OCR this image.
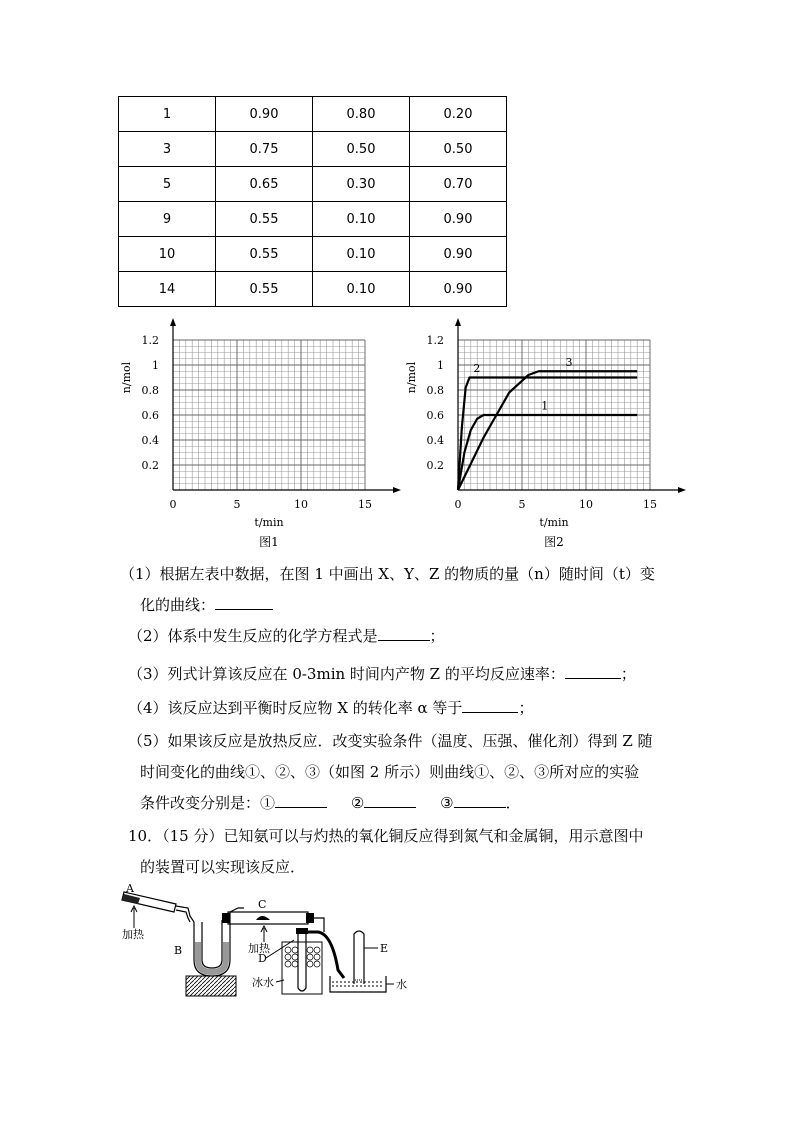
1	0.90	0.80	0.20
3	0.75	0.50	0.50
5	0.65	0.30	0.70
9	0.55	0.10	0.90
10	0.55	0.10	0.90
14	0.55	0.10	0.90
0	5	10	15
0.2
0.4
0.6
0.8
1
1.2
t/min
n/mol
图1
0	5	10	15
0.2
0.4
0.6
0.8
1
1.2
t/min
n/mol
图2
1
2	3
（1）根据左表中数据，在图 1 中画出 X、Y、Z 的物质的量（n）随时间（t）变
化的曲线：
（2）体系中发生反应的化学方程式是	；
（3）列式计算该反应在 0-3min 时间内产物 Z 的平均反应速率：	；
（4）该反应达到平衡时反应物 X 的转化率 α 等于	；
（5）如果该反应是放热反应．改变实验条件（温度、压强、催化剂）得到 Z 随
时间变化的曲线①、②、③（如图 2 所示）则曲线①、②、③所对应的实验
条件改变分别是：①	②	③	．
10．（15 分）已知氨可以与灼热的氧化铜反应得到氮气和金属铜，用示意图中
的装置可以实现该反应．
A
加热
B
C
加热
D
冰水
E
水
